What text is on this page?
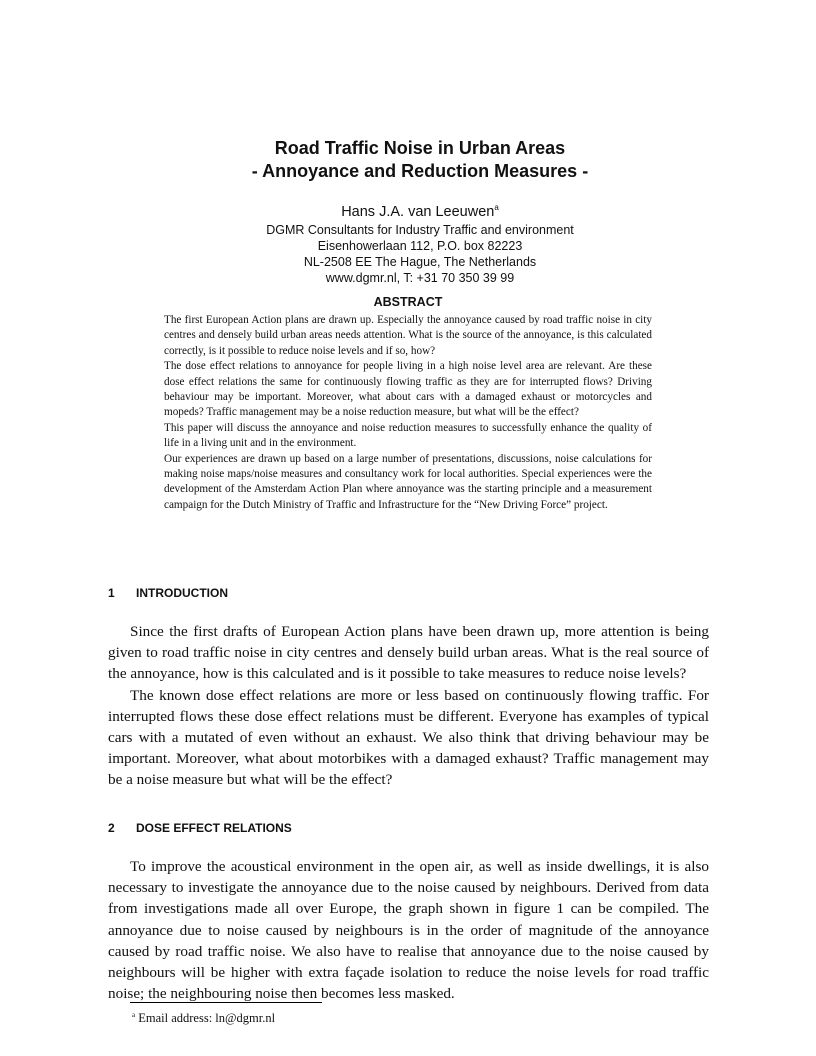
Road Traffic Noise in Urban Areas
- Annoyance and Reduction Measures -
Hans J.A. van Leeuwen$^a$
DGMR Consultants for Industry Traffic and environment
Eisenhowerlaan 112, P.O. box 82223
NL-2508 EE The Hague, The Netherlands
www.dgmr.nl, T: +31 70 350 39 99
ABSTRACT

The first European Action plans are drawn up. Especially the annoyance caused by road traffic noise in city centres and densely build urban areas needs attention. What is the source of the annoyance, is this calculated correctly, is it possible to reduce noise levels and if so, how?

The dose effect relations to annoyance for people living in a high noise level area are relevant. Are these dose effect relations the same for continuously flowing traffic as they are for interrupted flows? Driving behaviour may be important. Moreover, what about cars with a damaged exhaust or motorcycles and mopeds? Traffic management may be a noise reduction measure, but what will be the effect?

This paper will discuss the annoyance and noise reduction measures to successfully enhance the quality of life in a living unit and in the environment.

Our experiences are drawn up based on a large number of presentations, discussions, noise calculations for making noise maps/noise measures and consultancy work for local authorities. Special experiences were the development of the Amsterdam Action Plan where annoyance was the starting principle and a measurement campaign for the Dutch Ministry of Traffic and Infrastructure for the “New Driving Force” project.

1 INTRODUCTION

Since the first drafts of European Action plans have been drawn up, more attention is being given to road traffic noise in city centres and densely build urban areas. What is the real source of the annoyance, how is this calculated and is it possible to take measures to reduce noise levels?

The known dose effect relations are more or less based on continuously flowing traffic. For interrupted flows these dose effect relations must be different. Everyone has examples of typical cars with a mutated of even without an exhaust. We also think that driving behaviour may be important. Moreover, what about motorbikes with a damaged exhaust? Traffic management may be a noise measure but what will be the effect?

2 DOSE EFFECT RELATIONS

To improve the acoustical environment in the open air, as well as inside dwellings, it is also necessary to investigate the annoyance due to the noise caused by neighbours. Derived from data from investigations made all over Europe, the graph shown in figure 1 can be compiled. The annoyance due to noise caused by neighbours is in the order of magnitude of the annoyance caused by road traffic noise. We also have to realise that annoyance due to the noise caused by neighbours will be higher with extra façade isolation to reduce the noise levels for road traffic noise; the neighbouring noise then becomes less masked.

$^a$ Email address: ln@dgmr.nl
